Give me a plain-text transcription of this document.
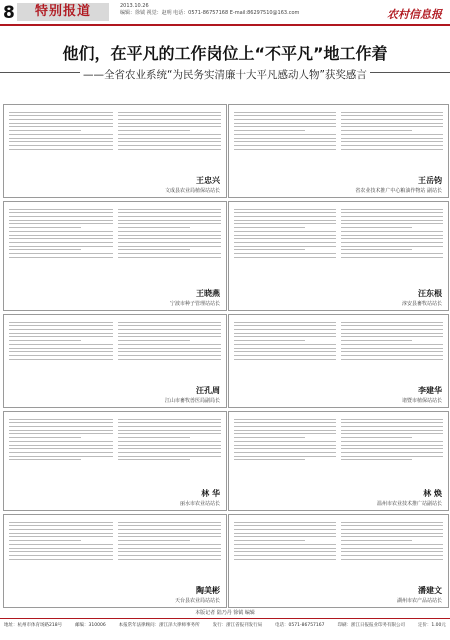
8	特别报道	2013.10.26
编辑：徐钺 视觉：赵明 电话：0571-86757168 E-mail:86297510@163.com	农村信息报
他们，在平凡的工作岗位上“不平凡”地工作着
——全省农业系统“为民务实清廉十大平凡感动人物”获奖感言
王忠兴
文成县农业局植保站站长
王岳钧
省农业技术推广中心粮油作物站 副站长
王晓燕
宁波市种子管理站站长
汪东根
淳安县畜牧站站长
汪孔周
江山市畜牧兽医局副局长
李建华
诸暨市植保站站长
林 华
丽水市农业站站长
林 焕
温州市农业技术推广站副站长
陶美彬
天台县农业局站站长
潘建文
湖州市农产品站站长
本版记者 陆乃丹 徐钺 编辑
地址：杭州市体育场路218号	邮编：310006	本报常年法律顾问：浙江泽大律师事务所	发行：浙江省报刊发行局	电话：0571-86757167	印刷：浙江日报报业印务有限公司	定价：1.00元
